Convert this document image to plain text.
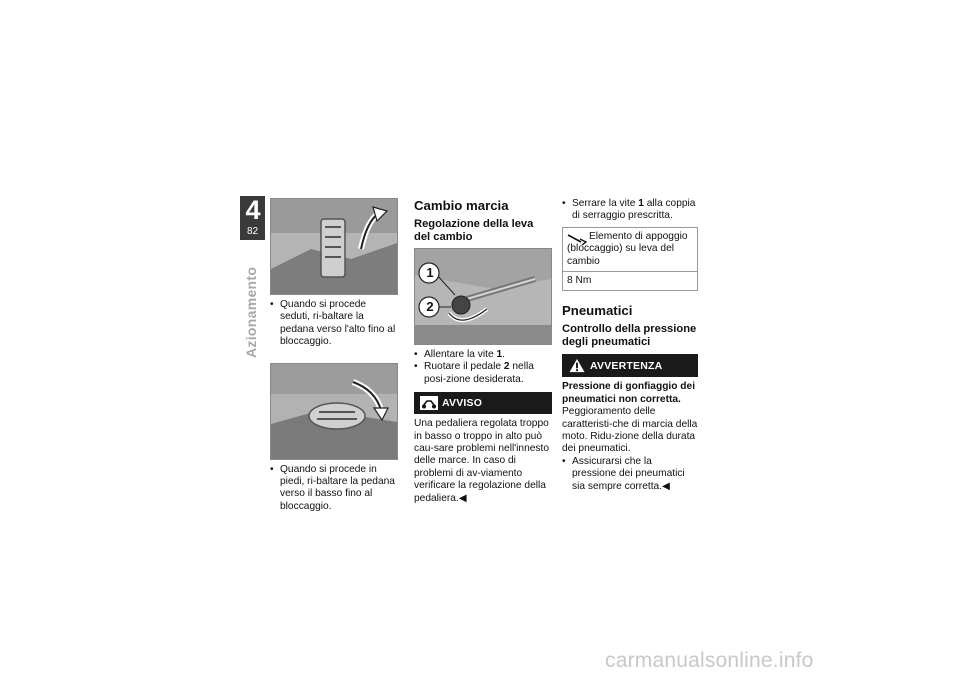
4
82
Azionamento
•	Quando si procede seduti, ri-baltare la pedana verso l'alto fino al bloccaggio.
• Quando si procede in piedi, ri-baltare la pedana verso il basso fino al bloccaggio.
Cambio marcia
Regolazione della leva del cambio
1
2
• Allentare la vite 1.
• Ruotare il pedale 2 nella posi-zione desiderata.
AVVISO
Una pedaliera regolata troppo in basso o troppo in alto può cau-sare problemi nell'innesto delle marce. In caso di problemi di av-viamento verificare la regolazione della pedaliera.◀
• Serrare la vite 1 alla coppia di serraggio prescritta.
Elemento di appoggio (bloccaggio) su leva del cambio
8 Nm
Pneumatici
Controllo della pressione degli pneumatici
AVVERTENZA
Pressione di gonfiaggio dei pneumatici non corretta.
Peggioramento delle caratteristi-che di marcia della moto. Ridu-zione della durata dei pneumatici.
• Assicurarsi che la pressione dei pneumatici sia sempre corretta.◀
carmanualsonline.info
